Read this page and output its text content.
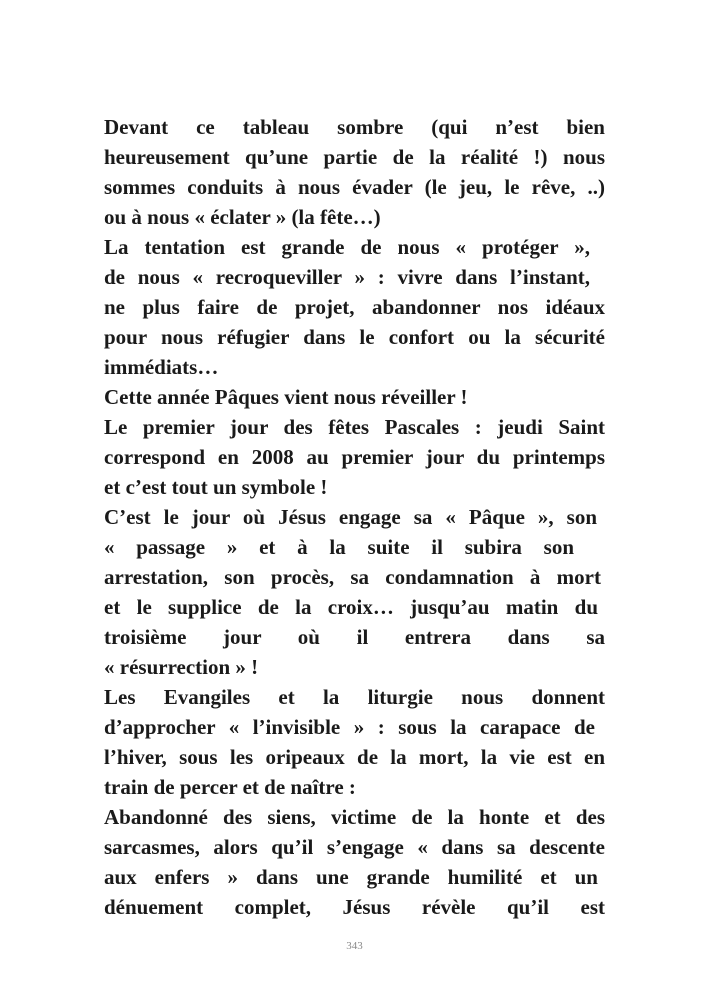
Devant ce tableau sombre (qui n’est bien
heureusement qu’une partie de la réalité !) nous
sommes conduits à nous évader (le jeu, le rêve, ..)
ou à nous « éclater » (la fête…)
La tentation est grande de nous « protéger »,
de nous « recroqueviller » : vivre dans l’instant,
ne plus faire de projet, abandonner nos idéaux
pour nous réfugier dans le confort ou la sécurité
immédiats…
Cette année Pâques vient nous réveiller !
Le premier jour des fêtes Pascales : jeudi Saint
correspond en 2008 au premier jour du printemps
et c’est tout un symbole !
C’est le jour où Jésus engage sa « Pâque », son
« passage » et à la suite il subira son
arrestation, son procès, sa condamnation à mort
et le supplice de la croix… jusqu’au matin du
troisième jour où il entrera dans sa
« résurrection » !
Les Evangiles et la liturgie nous donnent
d’approcher « l’invisible » : sous la carapace de
l’hiver, sous les oripeaux de la mort, la vie est en
train de percer et de naître :
Abandonné des siens, victime de la honte et des
sarcasmes, alors qu’il s’engage « dans sa descente
aux enfers » dans une grande humilité et un
dénuement complet, Jésus révèle qu’il est
343
